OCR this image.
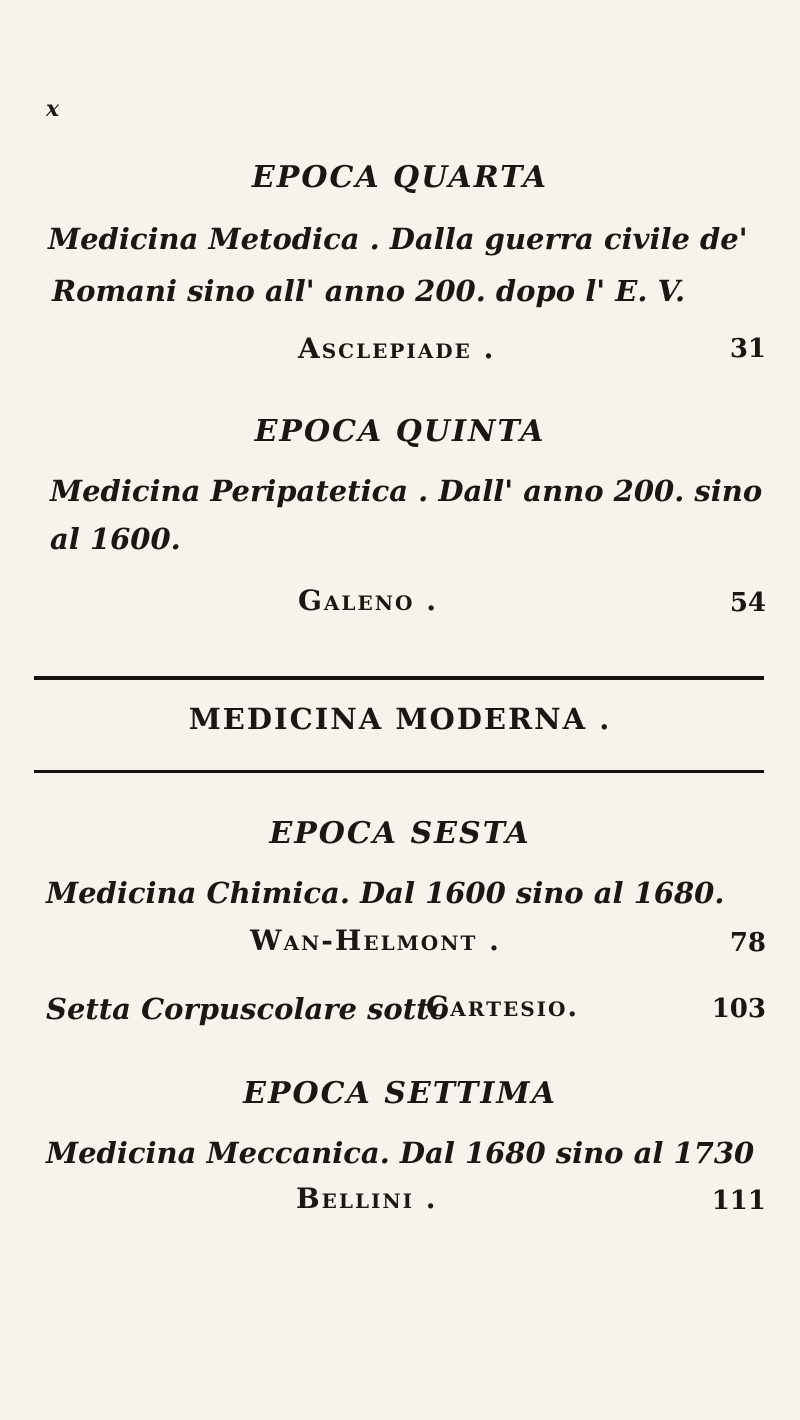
x
EPOCA QUARTA
Medicina Metodica . Dalla guerra civile de'
Romani sino all' anno 200. dopo l' E. V.
Asclepiade .	31
EPOCA QUINTA
Medicina Peripatetica . Dall' anno 200. sino
al 1600.
Galeno .	54
MEDICINA MODERNA .
EPOCA SESTA
Medicina Chimica. Dal 1600 sino al 1680.
Wan-Helmont .	78
Setta Corpuscolare sotto
Cartesio.	103
EPOCA SETTIMA
Medicina Meccanica. Dal 1680 sino al 1730
Bellini .	111
